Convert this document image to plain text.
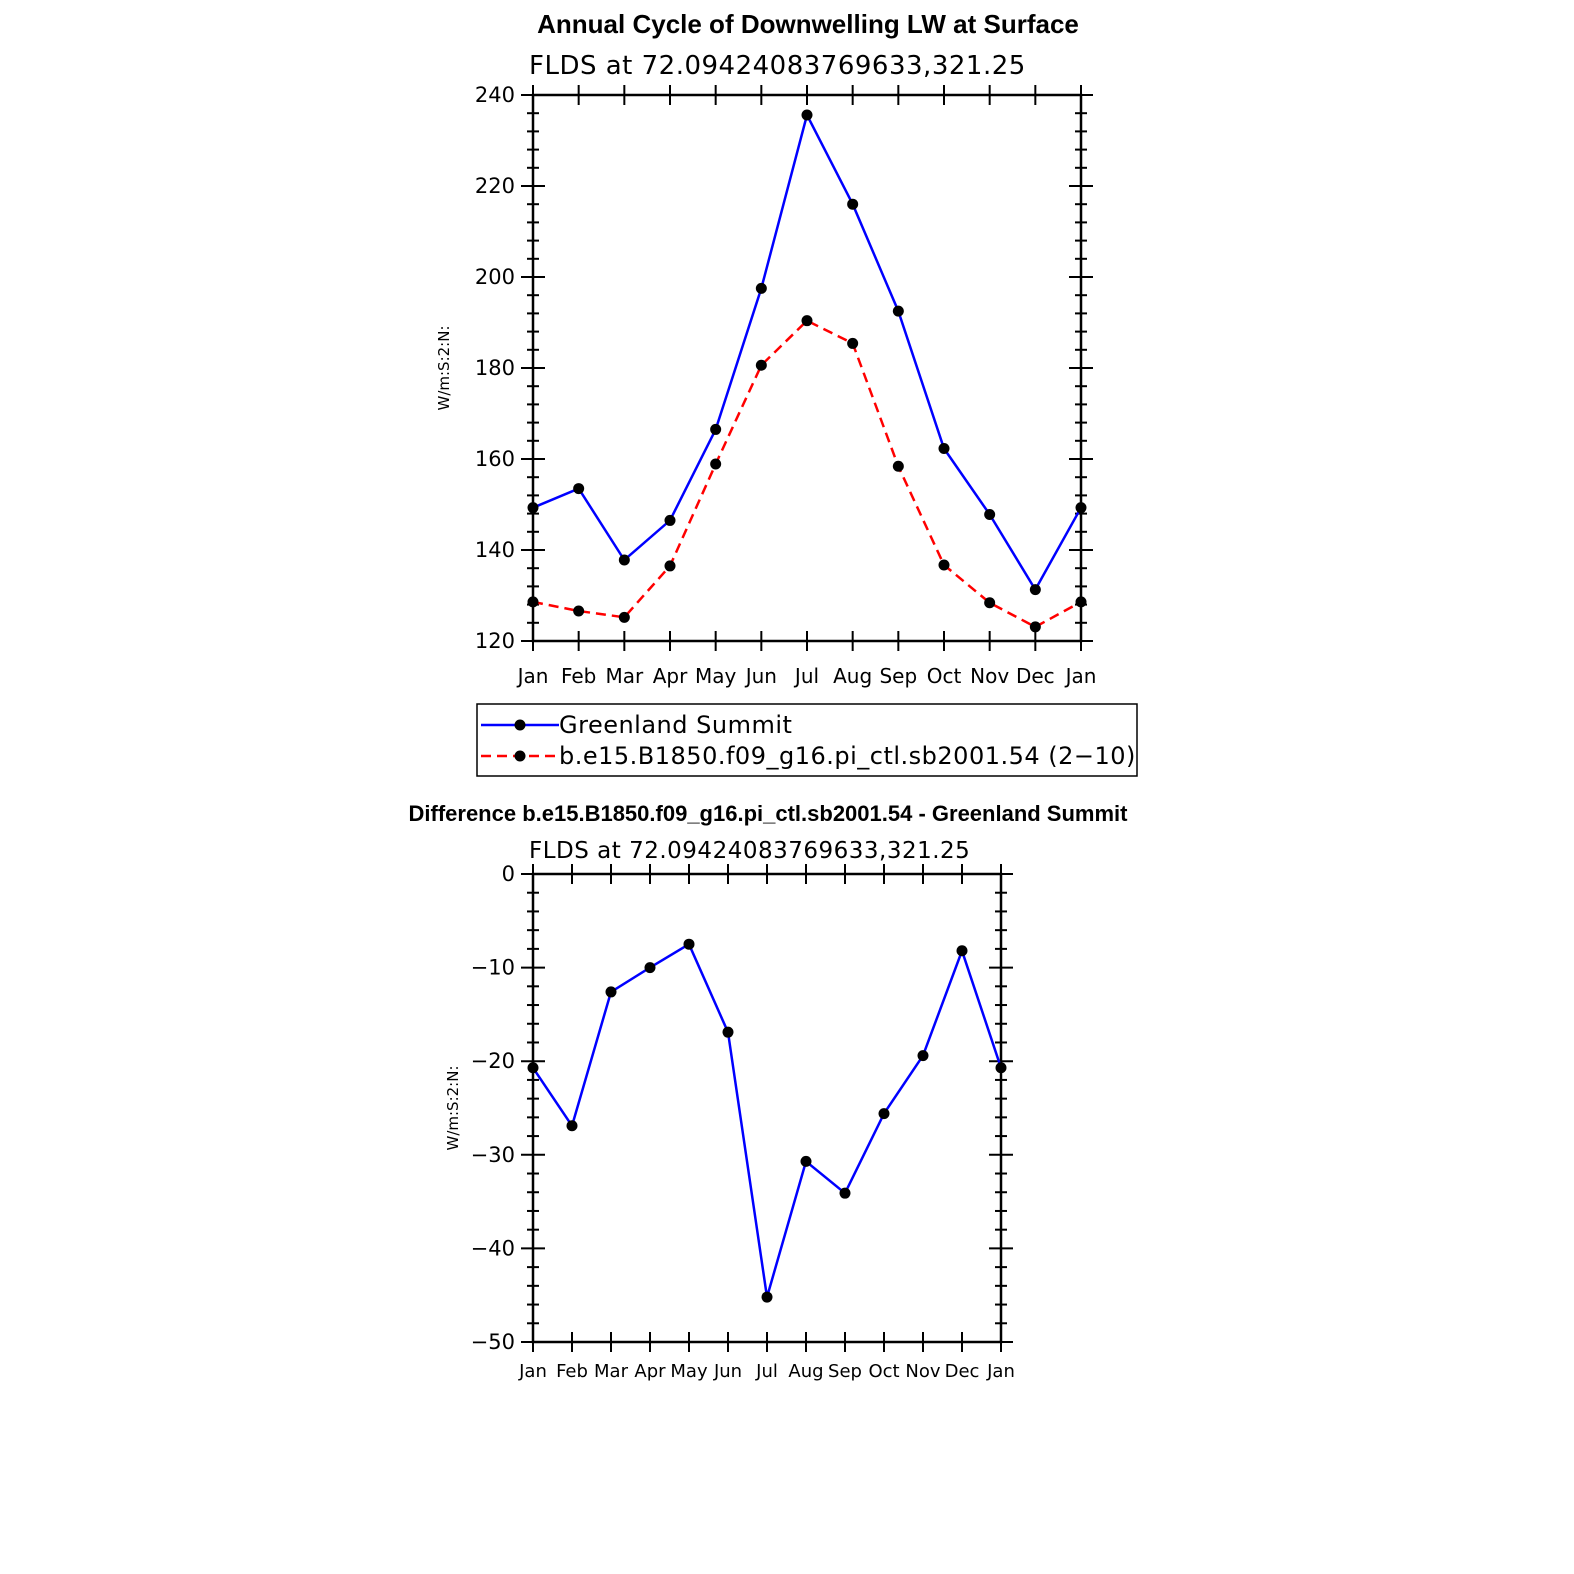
Annual Cycle of Downwelling LW at Surface
FLDS at 72.09424083769633,321.25
W/m:S:2:N:
120
140
160
180
200
220
240
Jan Feb Mar Apr May Jun Jul Aug Sep Oct Nov Dec Jan
Greenland Summit
b.e15.B1850.f09_g16.pi_ctl.sb2001.54 (2−10)
Difference b.e15.B1850.f09_g16.pi_ctl.sb2001.54 - Greenland Summit
FLDS at 72.09424083769633,321.25
W/m:S:2:N:
−50
−40
−30
−20
−10
0
Jan Feb Mar Apr May Jun Jul Aug Sep Oct Nov Dec Jan
